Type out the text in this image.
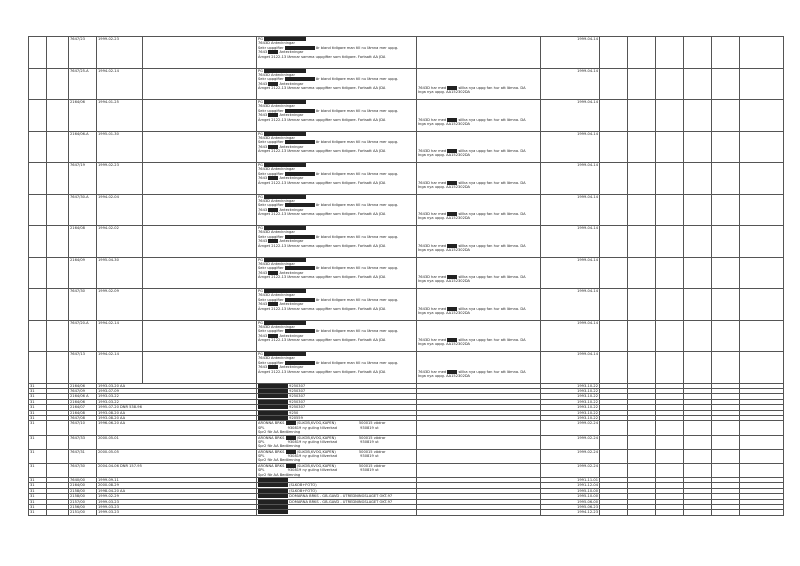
		7647/23	1999-02-23		PG
7643D Anteckningar
Sekr uppgifter är bland tidigare man till nu lämna mer uppg.
7643 Anteckningar
Ärnget 2122-13 lämnar samma uppgifter som tidigare. Fortsatt AA JDA		1999-04-14						
		7647/25-A	1994-02-14		PG
7643D Anteckningar
Sekr uppgifter är bland tidigare man till nu lämna mer uppg.
7643 Anteckningar
Ärnget 2122-13 lämnar samma uppgifter som tidigare. Fortsatt AA JDA	7643D har med sillka nya uppg fan hur att lämna. DA
Inga nya uppg. AA152302DA	1999-04-14						
		2164/06	1994-01-25		PG
7643D Anteckningar
Sekr uppgifter är bland tidigare man till nu lämna mer uppg.
7643 Anteckningar
Ärnget 2122-13 lämnar samma uppgifter som tidigare. Fortsatt AA JDA	7643D har med sillka nya uppg fan hur att lämna. DA
Inga nya uppg. AA152302DA	1999-04-14						
		2164/06-A	1995-01-30		PG
7643D Anteckningar
Sekr uppgifter är bland tidigare man till nu lämna mer uppg.
7643 Anteckningar
Ärnget 2122-13 lämnar samma uppgifter som tidigare. Fortsatt AA JDA	7643D har med sillka nya uppg fan hur att lämna. DA
Inga nya uppg. AA152302DA	1999-04-14						
		7647/19	1999-02-23		PG
7643D Anteckningar
Sekr uppgifter är bland tidigare man till nu lämna mer uppg.
7643 Anteckningar
Ärnget 2122-13 lämnar samma uppgifter som tidigare. Fortsatt AA JDA	7643D har med sillka nya uppg fan hur att lämna. DA
Inga nya uppg. AA152302DA	1999-04-14						
		7647/30-A	1994-02-04		PG
7643D Anteckningar
Sekr uppgifter är bland tidigare man till nu lämna mer uppg.
7643 Anteckningar
Ärnget 2122-13 lämnar samma uppgifter som tidigare. Fortsatt AA JDA	7643D har med sillka nya uppg fan hur att lämna. DA
Inga nya uppg. AA152302DA	1999-04-14						
		2164/08	1994-02-02		PG
7643D Anteckningar
Sekr uppgifter är bland tidigare man till nu lämna mer uppg.
7643 Anteckningar
Ärnget 2122-13 lämnar samma uppgifter som tidigare. Fortsatt AA JDA	7643D har med sillka nya uppg fan hur att lämna. DA
Inga nya uppg. AA152302DA	1999-04-14						
		2164/09	1995-04-30		PG
7643D Anteckningar
Sekr uppgifter är bland tidigare man till nu lämna mer uppg.
7643 Anteckningar
Ärnget 2122-13 lämnar samma uppgifter som tidigare. Fortsatt AA JDA	7643D har med sillka nya uppg fan hur att lämna. DA
Inga nya uppg. AA152302DA	1999-04-14						
		7647/30	1999-02-09		PG
7643D Anteckningar
Sekr uppgifter är bland tidigare man till nu lämna mer uppg.
7643 Anteckningar
Ärnget 2122-13 lämnar samma uppgifter som tidigare. Fortsatt AA JDA	7643D har med sillka nya uppg fan hur att lämna. DA
Inga nya uppg. AA152302DA	1999-04-14						
		7647/20-A	1994-02-14		PG
7643D Anteckningar
Sekr uppgifter är bland tidigare man till nu lämna mer uppg.
7643 Anteckningar
Ärnget 2122-13 lämnar samma uppgifter som tidigare. Fortsatt AA JDA	7643D har med sillka nya uppg fan hur att lämna. DA
Inga nya uppg. AA152302DA	1999-04-14						
		7647/13	1994-02-14		PG
7643D Anteckningar
Sekr uppgifter är bland tidigare man till nu lämna mer uppg.
7643 Anteckningar
Ärnget 2122-13 lämnar samma uppgifter som tidigare. Fortsatt AA JDA	7643D har med sillka nya uppg fan hur att lämna. DA
Inga nya uppg. AA152302DA	1999-04-14						
31		2164/06	1993-03-20 AA		9250307		1993-10-22						
31		7647/09	1993-07-09		9250307		1993-10-22						
31		2164/06 A	1993-03-22		9250307		1993-10-22						
31		2164/06	1993-03-22		9250307		1993-10-22						
31		2164/07	1995-07-20 DNR 538-96		9250307		1993-10-22						
31		2164/08	1993-08-20 AA		9250		1993-10-22						
31		7647/08	1993-08-20 AA		920559		1993-10-22						
31		7647/10	1996-06-20 AA		ARONNA BRKS (SLKOB,KVOG,KAPEN) 500015 vädrar
SPL 930819 ny guling tillverkad 930819 ut
Spr2 för AA Bedömning		1999-02-24						
31		7647/33	2000-05-01		ARONNA BRKS (SLKOB,KVOG,KAPEN) 500015 vädrar
SPL 930819 ny guling tillverkad 930819 ut
Spr2 för AA Bedömning		1999-02-24						
31		7647/31	2000-05-05		ARONNA BRKS (SLKOB,KVOG,KAPEN) 500015 vädrar
SPL 930819 ny guling tillverkad 930819 ut
Spr2 för AA Bedömning		1999-02-24						
31		7647/30	2004-04-06 DNR 157-95		ARONNA BRKS (SLKOB,KVOG,KAPEN) 500015 vädrar
SPL 930819 ny guling tillverkad 930819 ut
Spr2 för AA Bedömning		1999-02-24						
31		7640/00	1999-09-11				1991-11-01						
31		2164/00	2000-08-29		(SLKOB+FOTO)		1991-12-04						
31		2158/00	1998-04-20 AA		(SLKOB+FOTO)		1995-10-00						
31		2158/00	1999-02-29		DOMARNA BRKS - GB-GÄVD - UTREDNINGSLAGET OKT-97		1995-10-00						
31		2157/00	1999-03-23		DOMARNA BRKS - GB-GÄVD - UTREDNINGSLAGET OKT-97		1995-06-00						
31		2156/00	1999-03-23				1995-06-23						
31		2151/00	1999-03-23				1994-12-23						
